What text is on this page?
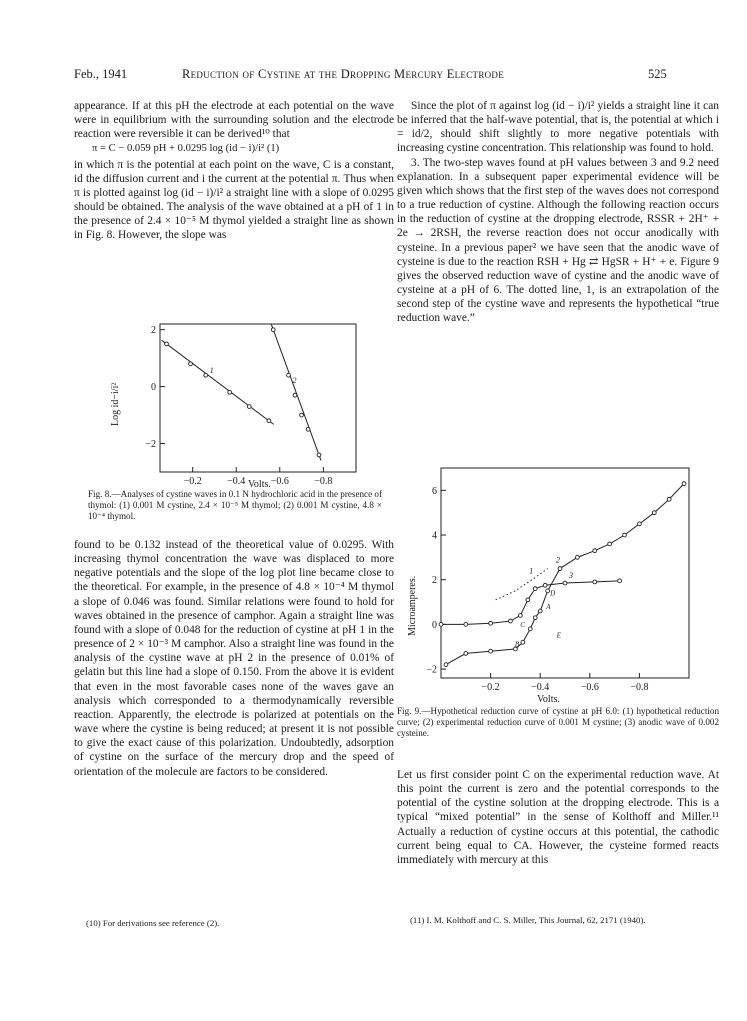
Feb., 1941	Reduction of Cystine at the Dropping Mercury Electrode	525

appearance. If at this pH the electrode at each potential on the wave were in equilibrium with the surrounding solution and the electrode reaction were reversible it can be derived¹⁰ that

π = C − 0.059 pH + 0.0295 log (id − i)/i² (1)

in which π is the potential at each point on the wave, C is a constant, id the diffusion current and i the current at the potential π. Thus when π is plotted against log (id − i)/i² a straight line with a slope of 0.0295 should be obtained. The analysis of the wave obtained at a pH of 1 in the presence of 2.4 × 10⁻⁵ M thymol yielded a straight line as shown in Fig. 8. However, the slope was

Log id−i/i²
2
0
−2
−0.2	−0.4	−0.6	−0.8
1
2
Volts.
Fig. 8.—Analyses of cystine waves in 0.1 N hydrochloric acid in the presence of thymol: (1) 0.001 M cystine, 2.4 × 10⁻⁵ M thymol; (2) 0.001 M cystine, 4.8 × 10⁻⁴ thymol.

found to be 0.132 instead of the theoretical value of 0.0295. With increasing thymol concentration the wave was displaced to more negative potentials and the slope of the log plot line became close to the theoretical. For example, in the presence of 4.8 × 10⁻⁴ M thymol a slope of 0.046 was found. Similar relations were found to hold for waves obtained in the presence of camphor. Again a straight line was found with a slope of 0.048 for the reduction of cystine at pH 1 in the presence of 2 × 10⁻³ M camphor. Also a straight line was found in the analysis of the cystine wave at pH 2 in the presence of 0.01% of gelatin but this line had a slope of 0.150. From the above it is evident that even in the most favorable cases none of the waves gave an analysis which corresponded to a thermodynamically reversible reaction. Apparently, the electrode is polarized at potentials on the wave where the cystine is being reduced; at present it is not possible to give the exact cause of this polarization. Undoubtedly, adsorption of cystine on the surface of the mercury drop and the speed of orientation of the molecule are factors to be considered.

(10) For derivations see reference (2).

Since the plot of π against log (id − i)/i² yields a straight line it can be inferred that the half-wave potential, that is, the potential at which i = id/2, should shift slightly to more negative potentials with increasing cystine concentration. This relationship was found to hold.

3. The two-step waves found at pH values between 3 and 9.2 need explanation. In a subsequent paper experimental evidence will be given which shows that the first step of the waves does not correspond to a true reduction of cystine. Although the following reaction occurs in the reduction of cystine at the dropping electrode, RSSR + 2H⁺ + 2e → 2RSH, the reverse reaction does not occur anodically with cysteine. In a previous paper² we have seen that the anodic wave of cysteine is due to the reaction RSH + Hg ⇄ HgSR + H⁺ + e. Figure 9 gives the observed reduction wave of cystine and the anodic wave of cysteine at a pH of 6. The dotted line, 1, is an extrapolation of the second step of the cystine wave and represents the hypothetical “true reduction wave.”

Microamperes.
6
4
2
0
−2
−0.2	−0.4	−0.6	−0.8
2
3
1
A
B
C
D
E
Volts.
Fig. 9.—Hypothetical reduction curve of cystine at pH 6.0: (1) hypothetical reduction curve; (2) experimental reduction curve of 0.001 M cystine; (3) anodic wave of 0.002 cysteine.

Let us first consider point C on the experimental reduction wave. At this point the current is zero and the potential corresponds to the potential of the cystine solution at the dropping electrode. This is a typical “mixed potential” in the sense of Kolthoff and Miller.¹¹ Actually a reduction of cystine occurs at this potential, the cathodic current being equal to CA. However, the cysteine formed reacts immediately with mercury at this

(11) I. M. Kolthoff and C. S. Miller, This Journal, 62, 2171 (1940).
